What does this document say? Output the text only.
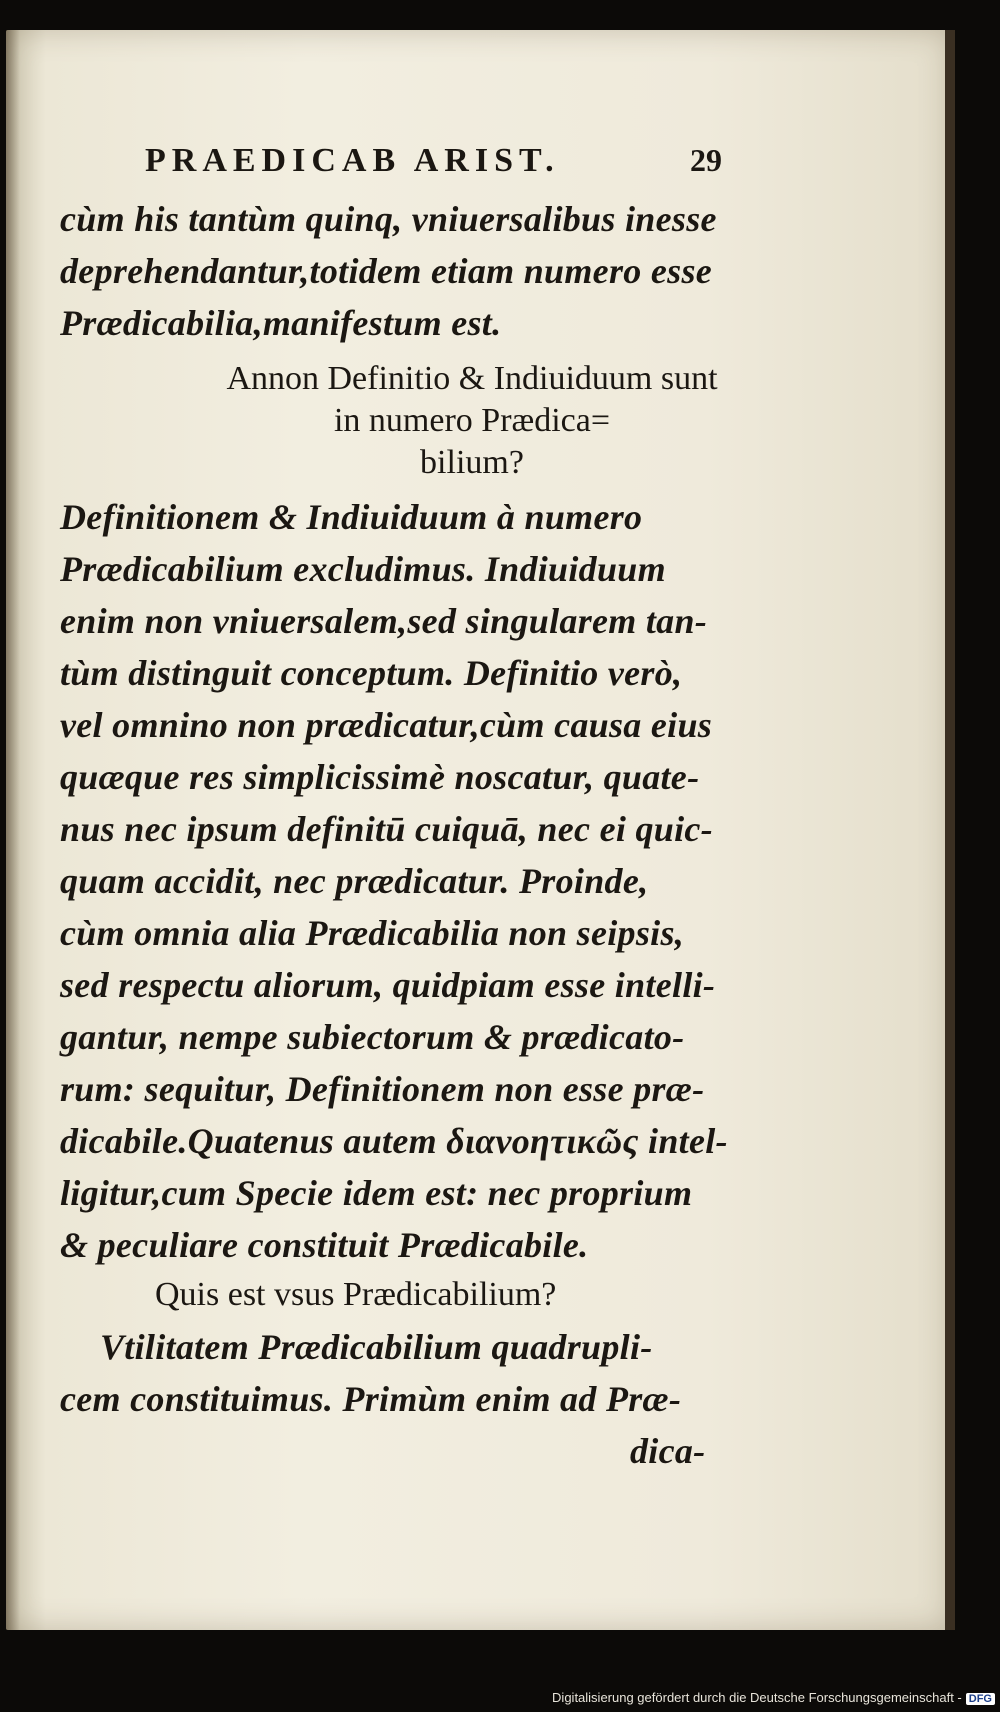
PRAEDICAB ARIST.	29
cùm his tantùm quinq, vniuersalibus inesse
deprehendantur,totidem etiam numero esse
Prædicabilia,manifestum est.
Annon Definitio & Indiuiduum sunt
in numero Prædica=
bilium?
Definitionem & Indiuiduum à numero
Prædicabilium excludimus. Indiuiduum
enim non vniuersalem,sed singularem tan-
tùm distinguit conceptum. Definitio verò,
vel omnino non prædicatur,cùm causa eius
quæque res simplicissimè noscatur, quate-
nus nec ipsum definitū cuiquā, nec ei quic-
quam accidit, nec prædicatur. Proinde,
cùm omnia alia Prædicabilia non seipsis,
sed respectu aliorum, quidpiam esse intelli-
gantur, nempe subiectorum & prædicato-
rum: sequitur, Definitionem non esse præ-
dicabile.Quatenus autem διανοητικῶς intel-
ligitur,cum Specie idem est: nec proprium
& peculiare constituit Prædicabile.
Quis est vsus Prædicabilium?
Vtilitatem Prædicabilium quadrupli-
cem constituimus. Primùm enim ad Præ-
dica-
Digitalisierung gefördert durch die Deutsche Forschungsgemeinschaft - DFG
